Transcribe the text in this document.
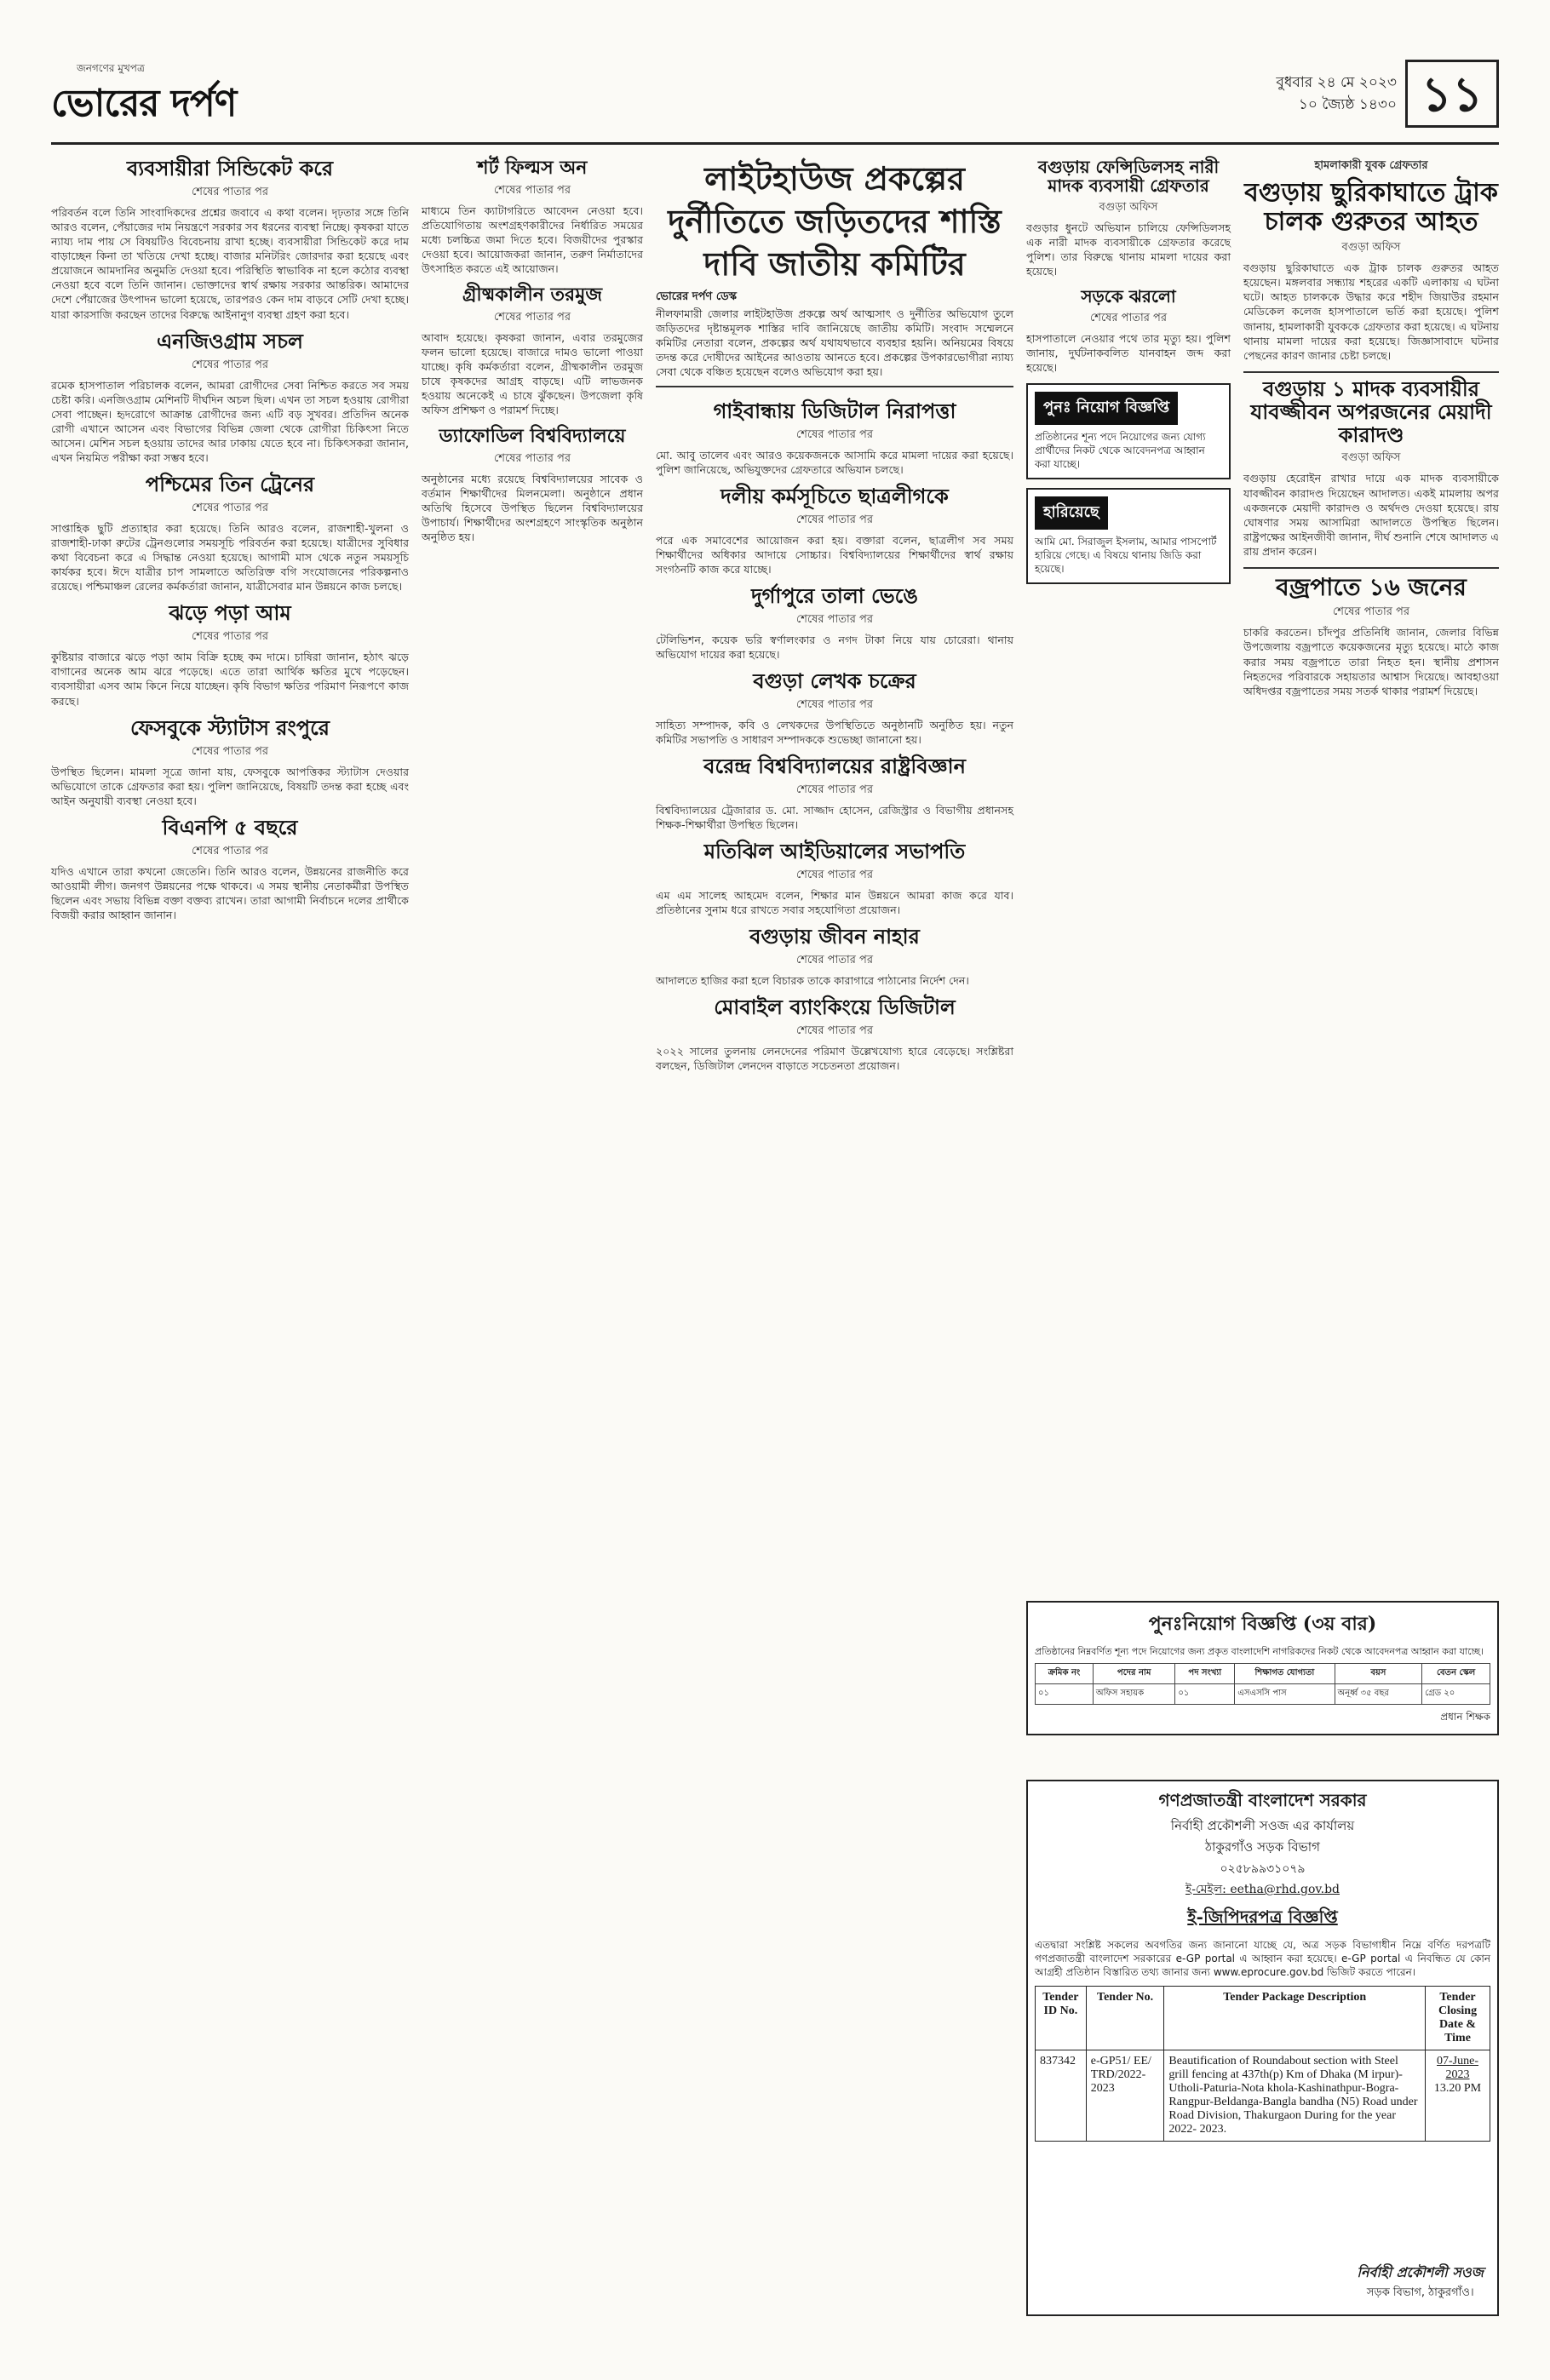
জনগণের মুখপত্র
ভোরের দর্পণ	বুধবার ২৪ মে ২০২৩
১০ জ্যৈষ্ঠ ১৪৩০ ১১
ব্যবসায়ীরা সিন্ডিকেট করে
শেষের পাতার পর

পরিবর্তন বলে তিনি সাংবাদিকদের প্রশ্নের জবাবে এ কথা বলেন। দৃঢ়তার সঙ্গে তিনি আরও বলেন, পেঁয়াজের দাম নিয়ন্ত্রণে সরকার সব ধরনের ব্যবস্থা নিচ্ছে। কৃষকরা যাতে ন্যায্য দাম পায় সে বিষয়টিও বিবেচনায় রাখা হচ্ছে। ব্যবসায়ীরা সিন্ডিকেট করে দাম বাড়াচ্ছেন কিনা তা খতিয়ে দেখা হচ্ছে। বাজার মনিটরিং জোরদার করা হয়েছে এবং প্রয়োজনে আমদানির অনুমতি দেওয়া হবে। পরিস্থিতি স্বাভাবিক না হলে কঠোর ব্যবস্থা নেওয়া হবে বলে তিনি জানান। ভোক্তাদের স্বার্থ রক্ষায় সরকার আন্তরিক। আমাদের দেশে পেঁয়াজের উৎপাদন ভালো হয়েছে, তারপরও কেন দাম বাড়বে সেটি দেখা হচ্ছে। যারা কারসাজি করছেন তাদের বিরুদ্ধে আইনানুগ ব্যবস্থা গ্রহণ করা হবে।

এনজিওগ্রাম সচল
শেষের পাতার পর

রমেক হাসপাতাল পরিচালক বলেন, আমরা রোগীদের সেবা নিশ্চিত করতে সব সময় চেষ্টা করি। এনজিওগ্রাম মেশিনটি দীর্ঘদিন অচল ছিল। এখন তা সচল হওয়ায় রোগীরা সেবা পাচ্ছেন। হৃদরোগে আক্রান্ত রোগীদের জন্য এটি বড় সুখবর। প্রতিদিন অনেক রোগী এখানে আসেন এবং বিভাগের বিভিন্ন জেলা থেকে রোগীরা চিকিৎসা নিতে আসেন। মেশিন সচল হওয়ায় তাদের আর ঢাকায় যেতে হবে না। চিকিৎসকরা জানান, এখন নিয়মিত পরীক্ষা করা সম্ভব হবে।

পশ্চিমের তিন ট্রেনের
শেষের পাতার পর

সাপ্তাহিক ছুটি প্রত্যাহার করা হয়েছে। তিনি আরও বলেন, রাজশাহী-খুলনা ও রাজশাহী-ঢাকা রুটের ট্রেনগুলোর সময়সূচি পরিবর্তন করা হয়েছে। যাত্রীদের সুবিধার কথা বিবেচনা করে এ সিদ্ধান্ত নেওয়া হয়েছে। আগামী মাস থেকে নতুন সময়সূচি কার্যকর হবে। ঈদে যাত্রীর চাপ সামলাতে অতিরিক্ত বগি সংযোজনের পরিকল্পনাও রয়েছে। পশ্চিমাঞ্চল রেলের কর্মকর্তারা জানান, যাত্রীসেবার মান উন্নয়নে কাজ চলছে।

ঝড়ে পড়া আম
শেষের পাতার পর

কুষ্টিয়ার বাজারে ঝড়ে পড়া আম বিক্রি হচ্ছে কম দামে। চাষিরা জানান, হঠাৎ ঝড়ে বাগানের অনেক আম ঝরে পড়েছে। এতে তারা আর্থিক ক্ষতির মুখে পড়েছেন। ব্যবসায়ীরা এসব আম কিনে নিয়ে যাচ্ছেন। কৃষি বিভাগ ক্ষতির পরিমাণ নিরূপণে কাজ করছে।

ফেসবুকে স্ট্যাটাস রংপুরে
শেষের পাতার পর

উপস্থিত ছিলেন। মামলা সূত্রে জানা যায়, ফেসবুকে আপত্তিকর স্ট্যাটাস দেওয়ার অভিযোগে তাকে গ্রেফতার করা হয়। পুলিশ জানিয়েছে, বিষয়টি তদন্ত করা হচ্ছে এবং আইন অনুযায়ী ব্যবস্থা নেওয়া হবে।

বিএনপি ৫ বছরে
শেষের পাতার পর

যদিও এখানে তারা কখনো জেতেনি। তিনি আরও বলেন, উন্নয়নের রাজনীতি করে আওয়ামী লীগ। জনগণ উন্নয়নের পক্ষে থাকবে। এ সময় স্থানীয় নেতাকর্মীরা উপস্থিত ছিলেন এবং সভায় বিভিন্ন বক্তা বক্তব্য রাখেন। তারা আগামী নির্বাচনে দলের প্রার্থীকে বিজয়ী করার আহ্বান জানান।

শর্ট ফিল্মস অন
শেষের পাতার পর

মাধ্যমে তিন ক্যাটাগরিতে আবেদন নেওয়া হবে। প্রতিযোগিতায় অংশগ্রহণকারীদের নির্ধারিত সময়ের মধ্যে চলচ্চিত্র জমা দিতে হবে। বিজয়ীদের পুরস্কার দেওয়া হবে। আয়োজকরা জানান, তরুণ নির্মাতাদের উৎসাহিত করতে এই আয়োজন।

গ্রীষ্মকালীন তরমুজ
শেষের পাতার পর

আবাদ হয়েছে। কৃষকরা জানান, এবার তরমুজের ফলন ভালো হয়েছে। বাজারে দামও ভালো পাওয়া যাচ্ছে। কৃষি কর্মকর্তারা বলেন, গ্রীষ্মকালীন তরমুজ চাষে কৃষকদের আগ্রহ বাড়ছে। এটি লাভজনক হওয়ায় অনেকেই এ চাষে ঝুঁকছেন। উপজেলা কৃষি অফিস প্রশিক্ষণ ও পরামর্শ দিচ্ছে।

ড্যাফোডিল বিশ্ববিদ্যালয়ে
শেষের পাতার পর

অনুষ্ঠানের মধ্যে রয়েছে বিশ্ববিদ্যালয়ের সাবেক ও বর্তমান শিক্ষার্থীদের মিলনমেলা। অনুষ্ঠানে প্রধান অতিথি হিসেবে উপস্থিত ছিলেন বিশ্ববিদ্যালয়ের উপাচার্য। শিক্ষার্থীদের অংশগ্রহণে সাংস্কৃতিক অনুষ্ঠান অনুষ্ঠিত হয়।

লাইটহাউজ প্রকল্পের দুর্নীতিতে জড়িতদের শাস্তি দাবি জাতীয় কমিটির
ভোরের দর্পণ ডেস্ক

নীলফামারী জেলার লাইটহাউজ প্রকল্পে অর্থ আত্মসাৎ ও দুর্নীতির অভিযোগ তুলে জড়িতদের দৃষ্টান্তমূলক শাস্তির দাবি জানিয়েছে জাতীয় কমিটি। সংবাদ সম্মেলনে কমিটির নেতারা বলেন, প্রকল্পের অর্থ যথাযথভাবে ব্যবহার হয়নি। অনিয়মের বিষয়ে তদন্ত করে দোষীদের আইনের আওতায় আনতে হবে। প্রকল্পের উপকারভোগীরা ন্যায্য সেবা থেকে বঞ্চিত হয়েছেন বলেও অভিযোগ করা হয়।

গাইবান্ধায় ডিজিটাল নিরাপত্তা
শেষের পাতার পর

মো. আবু তালেব এবং আরও কয়েকজনকে আসামি করে মামলা দায়ের করা হয়েছে। পুলিশ জানিয়েছে, অভিযুক্তদের গ্রেফতারে অভিযান চলছে।

দলীয় কর্মসূচিতে ছাত্রলীগকে
শেষের পাতার পর

পরে এক সমাবেশের আয়োজন করা হয়। বক্তারা বলেন, ছাত্রলীগ সব সময় শিক্ষার্থীদের অধিকার আদায়ে সোচ্চার। বিশ্ববিদ্যালয়ের শিক্ষার্থীদের স্বার্থ রক্ষায় সংগঠনটি কাজ করে যাচ্ছে।

দুর্গাপুরে তালা ভেঙে
শেষের পাতার পর

টেলিভিশন, কয়েক ভরি স্বর্ণালংকার ও নগদ টাকা নিয়ে যায় চোরেরা। থানায় অভিযোগ দায়ের করা হয়েছে।

বগুড়া লেখক চক্রের
শেষের পাতার পর

সাহিত্য সম্পাদক, কবি ও লেখকদের উপস্থিতিতে অনুষ্ঠানটি অনুষ্ঠিত হয়। নতুন কমিটির সভাপতি ও সাধারণ সম্পাদককে শুভেচ্ছা জানানো হয়।

বরেন্দ্র বিশ্ববিদ্যালয়ের রাষ্ট্রবিজ্ঞান
শেষের পাতার পর

বিশ্ববিদ্যালয়ের ট্রেজারার ড. মো. সাজ্জাদ হোসেন, রেজিস্ট্রার ও বিভাগীয় প্রধানসহ শিক্ষক-শিক্ষার্থীরা উপস্থিত ছিলেন।

মতিঝিল আইডিয়ালের সভাপতি
শেষের পাতার পর

এম এম সালেহ আহমেদ বলেন, শিক্ষার মান উন্নয়নে আমরা কাজ করে যাব। প্রতিষ্ঠানের সুনাম ধরে রাখতে সবার সহযোগিতা প্রয়োজন।

বগুড়ায় জীবন নাহার
শেষের পাতার পর

আদালতে হাজির করা হলে বিচারক তাকে কারাগারে পাঠানোর নির্দেশ দেন।

মোবাইল ব্যাংকিংয়ে ডিজিটাল
শেষের পাতার পর

২০২২ সালের তুলনায় লেনদেনের পরিমাণ উল্লেখযোগ্য হারে বেড়েছে। সংশ্লিষ্টরা বলছেন, ডিজিটাল লেনদেন বাড়াতে সচেতনতা প্রয়োজন।

বগুড়ায় ফেন্সিডিলসহ নারী মাদক ব্যবসায়ী গ্রেফতার
বগুড়া অফিস

বগুড়ার ধুনটে অভিযান চালিয়ে ফেন্সিডিলসহ এক নারী মাদক ব্যবসায়ীকে গ্রেফতার করেছে পুলিশ। তার বিরুদ্ধে থানায় মামলা দায়ের করা হয়েছে।

সড়কে ঝরলো
শেষের পাতার পর

হাসপাতালে নেওয়ার পথে তার মৃত্যু হয়। পুলিশ জানায়, দুর্ঘটনাকবলিত যানবাহন জব্দ করা হয়েছে।

পুনঃ নিয়োগ বিজ্ঞপ্তি

প্রতিষ্ঠানের শূন্য পদে নিয়োগের জন্য যোগ্য প্রার্থীদের নিকট থেকে আবেদনপত্র আহ্বান করা যাচ্ছে।

হারিয়েছে

আমি মো. সিরাজুল ইসলাম, আমার পাসপোর্ট হারিয়ে গেছে। এ বিষয়ে থানায় জিডি করা হয়েছে।

হামলাকারী যুবক গ্রেফতার
বগুড়ায় ছুরিকাঘাতে ট্রাক চালক গুরুতর আহত
বগুড়া অফিস

বগুড়ায় ছুরিকাঘাতে এক ট্রাক চালক গুরুতর আহত হয়েছেন। মঙ্গলবার সন্ধ্যায় শহরের একটি এলাকায় এ ঘটনা ঘটে। আহত চালককে উদ্ধার করে শহীদ জিয়াউর রহমান মেডিকেল কলেজ হাসপাতালে ভর্তি করা হয়েছে। পুলিশ জানায়, হামলাকারী যুবককে গ্রেফতার করা হয়েছে। এ ঘটনায় থানায় মামলা দায়ের করা হয়েছে। জিজ্ঞাসাবাদে ঘটনার পেছনের কারণ জানার চেষ্টা চলছে।

বগুড়ায় ১ মাদক ব্যবসায়ীর যাবজ্জীবন অপরজনের মেয়াদী কারাদণ্ড
বগুড়া অফিস

বগুড়ায় হেরোইন রাখার দায়ে এক মাদক ব্যবসায়ীকে যাবজ্জীবন কারাদণ্ড দিয়েছেন আদালত। একই মামলায় অপর একজনকে মেয়াদী কারাদণ্ড ও অর্থদণ্ড দেওয়া হয়েছে। রায় ঘোষণার সময় আসামিরা আদালতে উপস্থিত ছিলেন। রাষ্ট্রপক্ষের আইনজীবী জানান, দীর্ঘ শুনানি শেষে আদালত এ রায় প্রদান করেন।

বজ্রপাতে ১৬ জনের
শেষের পাতার পর

চাকরি করতেন। চাঁদপুর প্রতিনিধি জানান, জেলার বিভিন্ন উপজেলায় বজ্রপাতে কয়েকজনের মৃত্যু হয়েছে। মাঠে কাজ করার সময় বজ্রপাতে তারা নিহত হন। স্থানীয় প্রশাসন নিহতদের পরিবারকে সহায়তার আশ্বাস দিয়েছে। আবহাওয়া অধিদপ্তর বজ্রপাতের সময় সতর্ক থাকার পরামর্শ দিয়েছে।

পুনঃনিয়োগ বিজ্ঞপ্তি (৩য় বার)

প্রতিষ্ঠানের নিম্নবর্ণিত শূন্য পদে নিয়োগের জন্য প্রকৃত বাংলাদেশি নাগরিকদের নিকট থেকে আবেদনপত্র আহ্বান করা যাচ্ছে।

ক্রমিক নং	পদের নাম	পদ সংখ্যা	শিক্ষাগত যোগ্যতা	বয়স	বেতন স্কেল
০১	অফিস সহায়ক	০১	এসএসসি পাস	অনূর্ধ্ব ৩৫ বছর	গ্রেড ২০
প্রধান শিক্ষক
গণপ্রজাতন্ত্রী বাংলাদেশ সরকার
নির্বাহী প্রকৌশলী সওজ এর কার্যালয়
ঠাকুরগাঁও সড়ক বিভাগ
০২৫৮৯৯৩১০৭৯
ই-মেইল: eetha@rhd.gov.bd
ই-জিপিদরপত্র বিজ্ঞপ্তি

এতদ্বারা সংশ্লিষ্ট সকলের অবগতির জন্য জানানো যাচ্ছে যে, অত্র সড়ক বিভাগাধীন নিম্নে বর্ণিত দরপত্রটি গণপ্রজাতন্ত্রী বাংলাদেশ সরকারের e-GP portal এ আহ্বান করা হয়েছে। e-GP portal এ নিবন্ধিত যে কোন আগ্রহী প্রতিষ্ঠান বিস্তারিত তথ্য জানার জন্য www.eprocure.gov.bd ভিজিট করতে পারেন।

Tender ID No.	Tender No.	Tender Package Description	Tender Closing Date & Time
837342	e-GP51/ EE/ TRD/2022-2023	Beautification of Roundabout section with Steel grill fencing at 437th(p) Km of Dhaka (M irpur)- Utholi-Paturia-Nota khola-Kashinathpur-Bogra-Rangpur-Beldanga-Bangla bandha (N5) Road under Road Division, Thakurgaon During for the year 2022- 2023.	07-June-2023
13.20 PM
নির্বাহী প্রকৌশলী সওজ
সড়ক বিভাগ, ঠাকুরগাঁও।
